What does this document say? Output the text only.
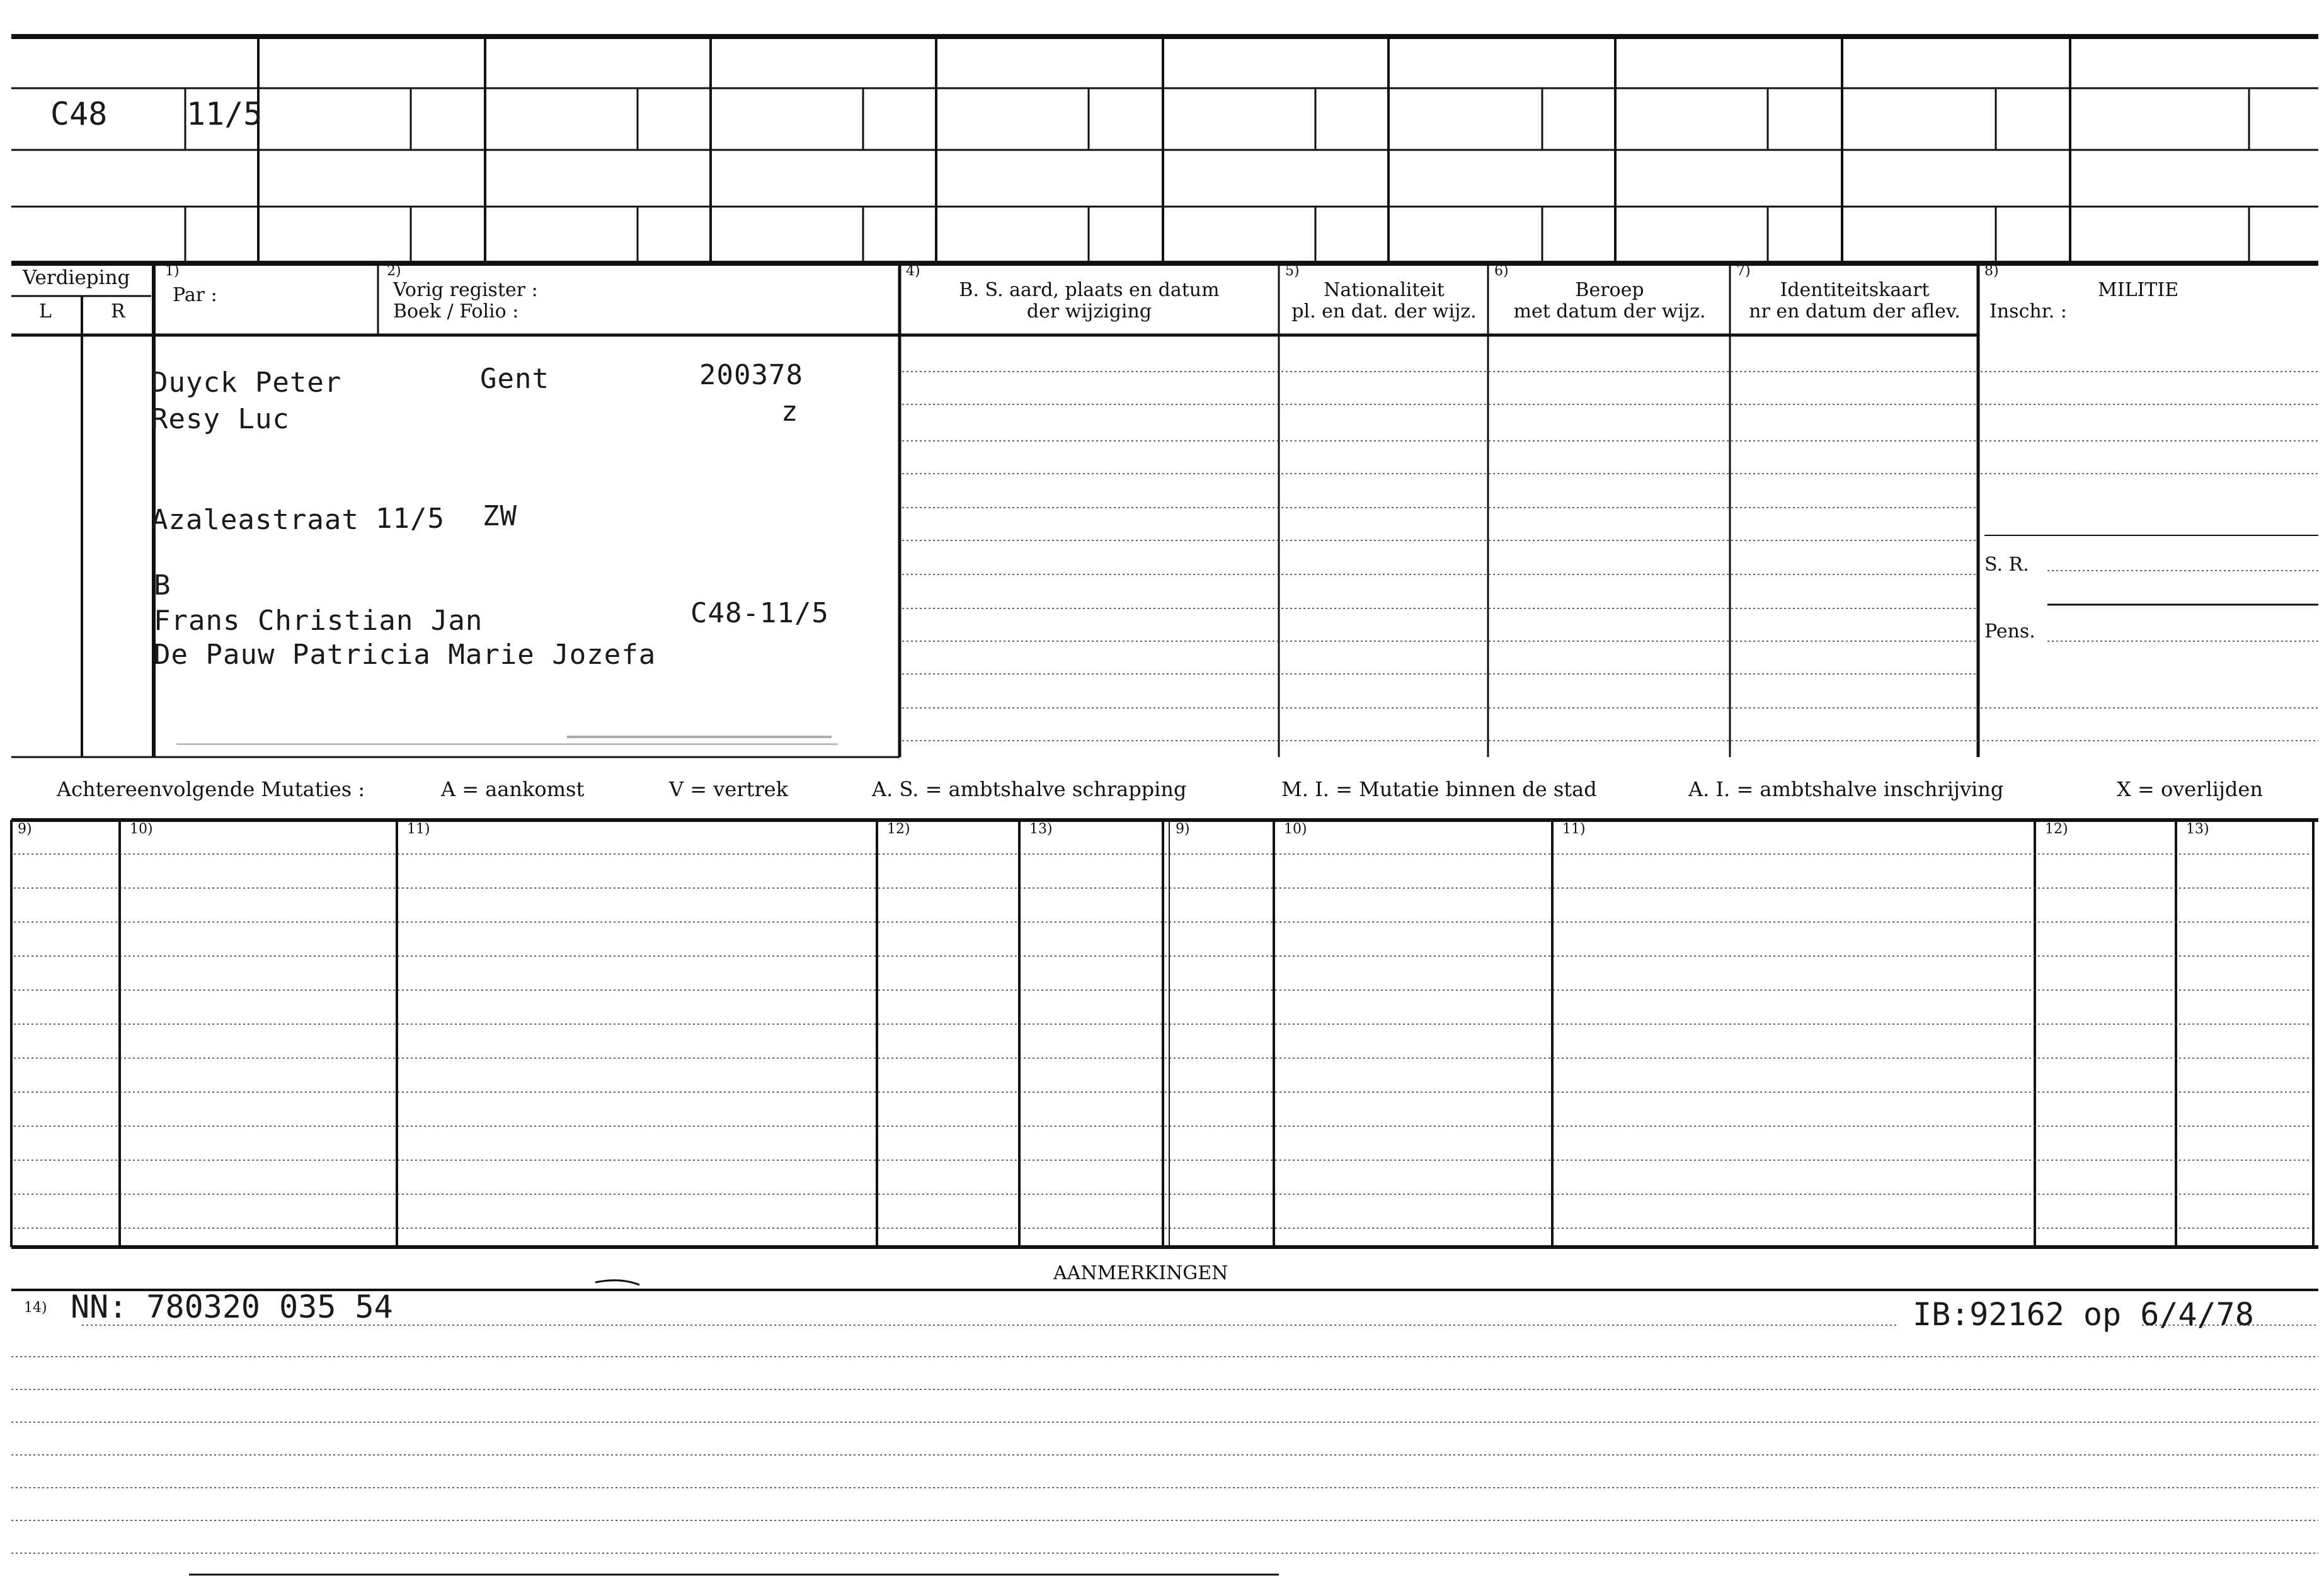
C48	11/5
Verdieping
L	R
1)
Par :
2)
Vorig register :
Boek / Folio :
4)
B. S. aard, plaats en datum
der wijziging
5)
Nationaliteit
pl. en dat. der wijz.
6)
Beroep
met datum der wijz.
7)
Identiteitskaart
nr en datum der aflev.
8)
MILITIE
Inschr. :
S. R.
Pens.
Duyck Peter	Gent	200378
z
Resy Luc
Azaleastraat 11/5 ZW
B
Frans Christian Jan	C48-11/5
De Pauw Patricia Marie Jozefa
Achtereenvolgende Mutaties :	A = aankomst	V = vertrek	A. S. = ambtshalve schrapping	M. I. = Mutatie binnen de stad	A. I. = ambtshalve inschrijving	X = overlijden
9)	10)	11)	12)	13)	9)	10)	11)	12)	13)
AANMERKINGEN
14) NN: 780320 035 54	IB:92162 op 6/4/78
